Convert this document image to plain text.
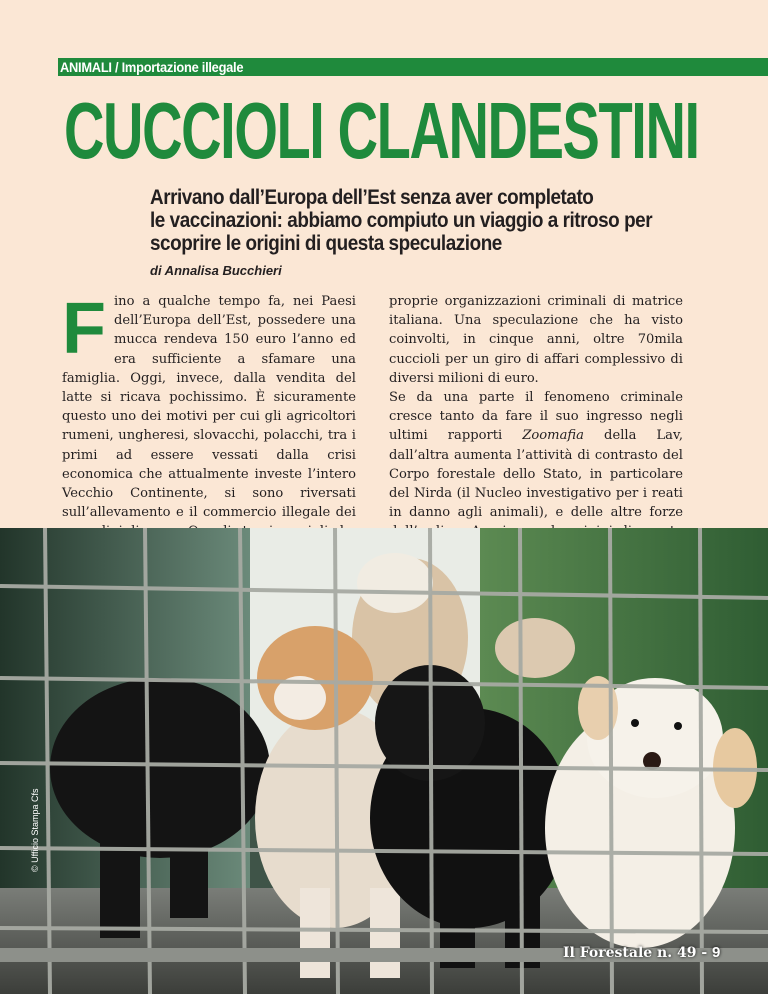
ANIMALI / Importazione illegale
CUCCIOLI CLANDESTINI
Arrivano dall’Europa dell’Est senza aver completato
le vaccinazioni: abbiamo compiuto un viaggio a ritroso per
scoprire le origini di questa speculazione
di Annalisa Bucchieri

Fino a qualche tempo fa, nei Paesi dell’Europa dell’Est, possedere una mucca rendeva 150 euro l’anno ed era sufficiente a sfamare una famiglia. Oggi, invece, dalla vendita del latte si ricava pochissimo. È sicuramente questo uno dei motivi per cui gli agricoltori rumeni, ungheresi, slovacchi, polacchi, tra i primi ad essere vessati dalla crisi economica che attualmente investe l’intero Vecchio Continente, si sono riversati sull’allevamento e il commercio illegale dei

proprie organizzazioni criminali di matrice italiana. Una speculazione che ha visto coinvolti, in cinque anni, oltre 70mila cuccioli per un giro di affari complessivo di diversi milioni di euro.

Se da una parte il fenomeno criminale cresce tanto da fare il suo ingresso negli ultimi rapporti Zoomafia della Lav, dall’altra aumenta l’attività di contrasto del Corpo forestale dello Stato, in particolare del Nirda (il Nucleo investigativo per i reati in danno agli animali), e delle altre forze

© Ufficio Stampa Cfs
Il Forestale n. 49 - 9
